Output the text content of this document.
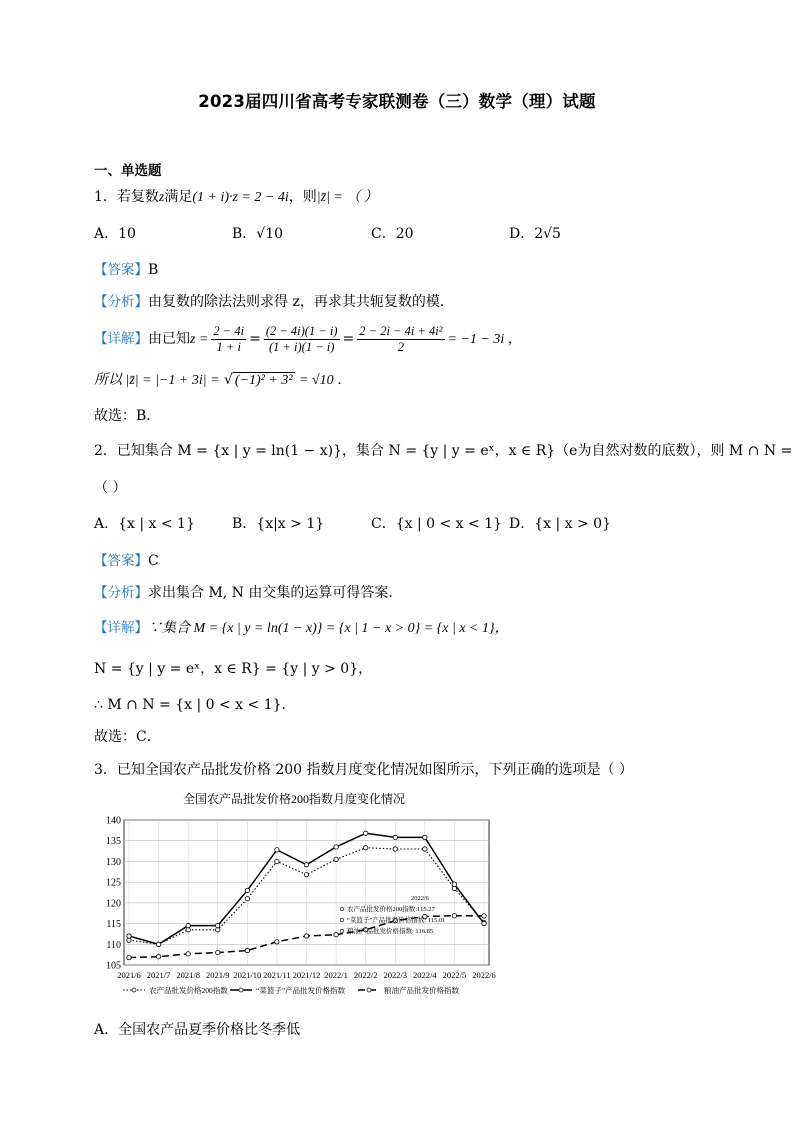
2023届四川省高考专家联测卷（三）数学（理）试题
一、单选题
1．若复数z满足(1 + i)·z = 2 − 4i，则|z̄| = （ ）
A．10	B．√10	C．20	D．2√5
【答案】B
【分析】由复数的除法法则求得 z，再求其共轭复数的模．
【详解】由已知$z = \frac{2 - 4i}{1 + i} = \frac{(2 - 4i)(1 - i)}{(1 + i)(1 - i)} = \frac{\text{2 − 2i − 4i + 4i²}}{2} = -1 - 3i$ ，
所以 |z̄| = |−1 + 3i| = √ (−1)² + 3² = √10 ．
故选：B．
2．已知集合 M = {x | y = ln(1 − x)}，集合 N = {y | y = eˣ，x ∈ R}（e为自然对数的底数），则 M ∩ N =
（ ）
A．{x | x < 1}	B．{x|x > 1}	C．{x | 0 < x < 1} D．{x | x > 0}
【答案】C
【分析】求出集合 M, N 由交集的运算可得答案.
【详解】∵集合 M = {x | y = ln(1 − x)} = {x | 1 − x > 0} = {x | x < 1}，
N = {y | y = eˣ，x ∈ R} = {y | y > 0}，
∴ M ∩ N = {x | 0 < x < 1}.
故选：C．
3．已知全国农产品批发价格 200 指数月度变化情况如图所示，下列正确的选项是（ ）
全国农产品批发价格200指数月度变化情况
105
110
115
120
125
130
135
140
2021/6 2021/7 2021/8 2021/9 2021/10 2021/11 2021/12 2022/1 2022/2 2022/3 2022/4 2022/5 2022/6
2022/6
农产品批发价格200指数:115.27
“菜篮子”产品批发价格指数: 115.01
粮油产品批发价格指数: 116.85
农产品批发价格200指数	“菜篮子”产品批发价格指数	粮油产品批发价格指数
A．全国农产品夏季价格比冬季低
